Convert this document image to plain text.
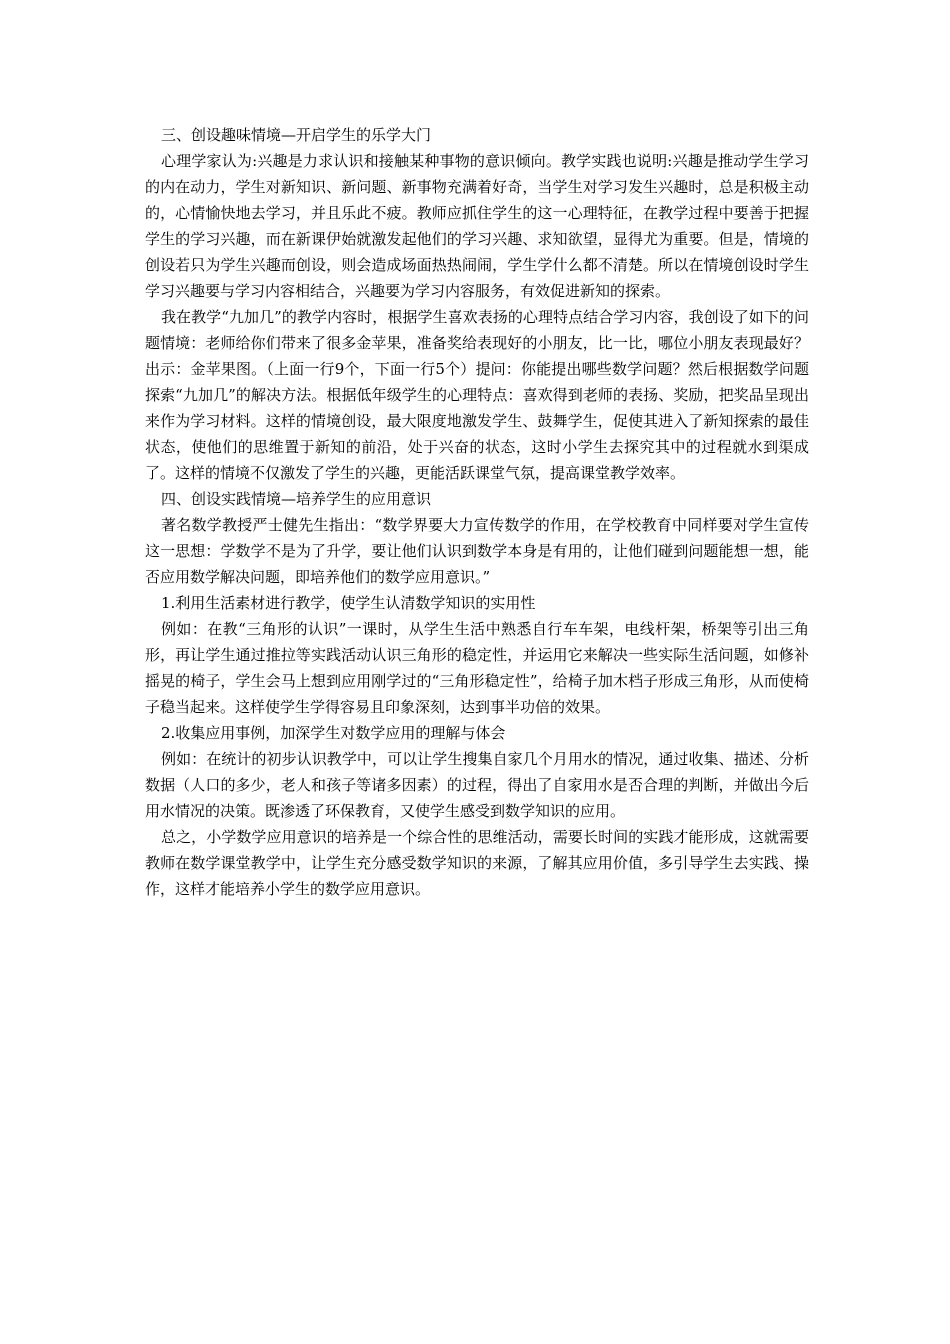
三、创设趣味情境—开启学生的乐学大门

心理学家认为:兴趣是力求认识和接触某种事物的意识倾向。教学实践也说明:兴趣是推动学生学习的内在动力，学生对新知识、新问题、新事物充满着好奇，当学生对学习发生兴趣时，总是积极主动的，心情愉快地去学习，并且乐此不疲。教师应抓住学生的这一心理特征，在教学过程中要善于把握学生的学习兴趣，而在新课伊始就激发起他们的学习兴趣、求知欲望，显得尤为重要。但是，情境的创设若只为学生兴趣而创设，则会造成场面热热闹闹，学生学什么都不清楚。所以在情境创设时学生学习兴趣要与学习内容相结合，兴趣要为学习内容服务，有效促进新知的探索。

我在教学“九加几”的教学内容时，根据学生喜欢表扬的心理特点结合学习内容，我创设了如下的问题情境：老师给你们带来了很多金苹果，准备奖给表现好的小朋友，比一比，哪位小朋友表现最好？出示：金苹果图。（上面一行9个，下面一行5个）提问：你能提出哪些数学问题？然后根据数学问题探索“九加几”的解决方法。根据低年级学生的心理特点：喜欢得到老师的表扬、奖励，把奖品呈现出来作为学习材料。这样的情境创设，最大限度地激发学生、鼓舞学生，促使其进入了新知探索的最佳状态，使他们的思维置于新知的前沿，处于兴奋的状态，这时小学生去探究其中的过程就水到渠成了。这样的情境不仅激发了学生的兴趣，更能活跃课堂气氛，提高课堂教学效率。

四、创设实践情境—培养学生的应用意识

著名数学教授严士健先生指出：“数学界要大力宣传数学的作用，在学校教育中同样要对学生宣传这一思想：学数学不是为了升学，要让他们认识到数学本身是有用的，让他们碰到问题能想一想，能否应用数学解决问题，即培养他们的数学应用意识。”

1.利用生活素材进行教学，使学生认清数学知识的实用性

例如：在教“三角形的认识”一课时，从学生生活中熟悉自行车车架，电线杆架，桥架等引出三角形，再让学生通过推拉等实践活动认识三角形的稳定性，并运用它来解决一些实际生活问题，如修补摇晃的椅子，学生会马上想到应用刚学过的“三角形稳定性”，给椅子加木档子形成三角形，从而使椅子稳当起来。这样使学生学得容易且印象深刻，达到事半功倍的效果。

2.收集应用事例，加深学生对数学应用的理解与体会

例如：在统计的初步认识教学中，可以让学生搜集自家几个月用水的情况，通过收集、描述、分析数据（人口的多少，老人和孩子等诸多因素）的过程，得出了自家用水是否合理的判断，并做出今后用水情况的决策。既渗透了环保教育，又使学生感受到数学知识的应用。

总之，小学数学应用意识的培养是一个综合性的思维活动，需要长时间的实践才能形成，这就需要教师在数学课堂教学中，让学生充分感受数学知识的来源，了解其应用价值，多引导学生去实践、操作，这样才能培养小学生的数学应用意识。
